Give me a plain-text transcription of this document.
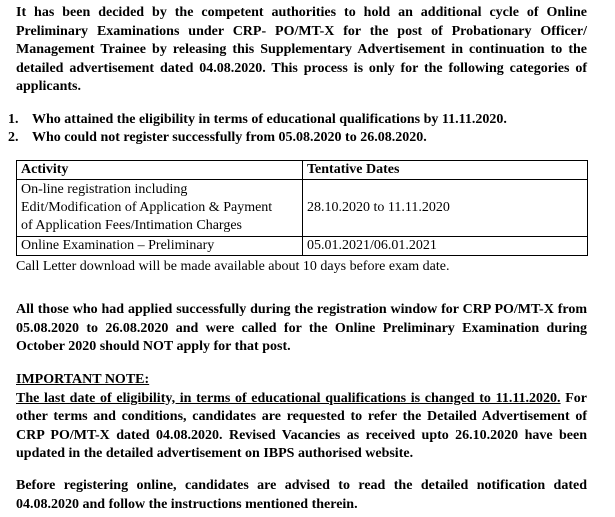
It has been decided by the competent authorities to hold an additional cycle of Online Preliminary Examinations under CRP- PO/MT-X for the post of Probationary Officer/ Management Trainee by releasing this Supplementary Advertisement in continuation to the detailed advertisement dated 04.08.2020. This process is only for the following categories of applicants.

1. Who attained the eligibility in terms of educational qualifications by 11.11.2020.
2. Who could not register successfully from 05.08.2020 to 26.08.2020.
Activity	Tentative Dates

On-line registration including
Edit/Modification of Application & Payment
of Application Fees/Intimation Charges	28.10.2020 to 11.11.2020

Online Examination – Preliminary	05.01.2021/06.01.2021
Call Letter download will be made available about 10 days before exam date.

All those who had applied successfully during the registration window for CRP PO/MT-X from 05.08.2020 to 26.08.2020 and were called for the Online Preliminary Examination during October 2020 should NOT apply for that post.

IMPORTANT NOTE:
The last date of eligibility, in terms of educational qualifications is changed to 11.11.2020. For other terms and conditions, candidates are requested to refer the Detailed Advertisement of CRP PO/MT-X dated 04.08.2020. Revised Vacancies as received upto 26.10.2020 have been updated in the detailed advertisement on IBPS authorised website.

Before registering online, candidates are advised to read the detailed notification dated 04.08.2020 and follow the instructions mentioned therein.
